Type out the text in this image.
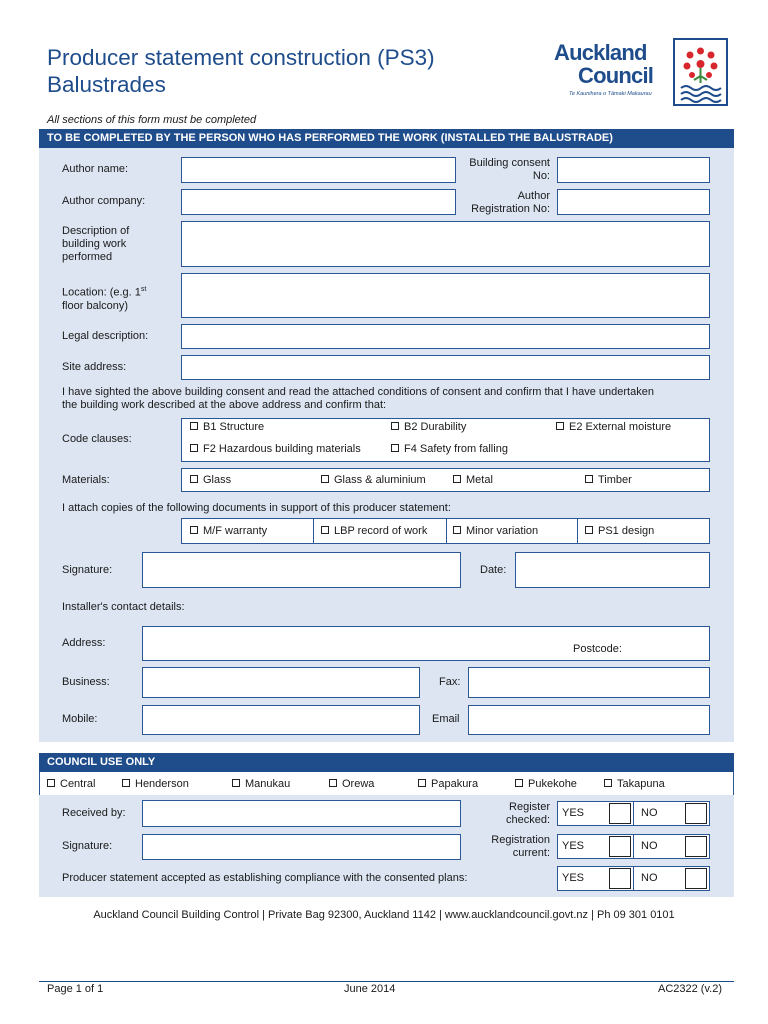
Producer statement construction (PS3)
Balustrades
Auckland
Council
Te Kaunihera o Tāmaki Makaurau
All sections of this form must be completed
TO BE COMPLETED BY THE PERSON WHO HAS PERFORMED THE WORK (INSTALLED THE BALUSTRADE)
Author name:	Building consent
No:
Author company:	Author
Registration No:
Description of
building work
performed
Location: (e.g. 1st
floor balcony)
Legal description:
Site address:
I have sighted the above building consent and read the attached conditions of consent and confirm that I have undertaken
the building work described at the above address and confirm that:
Code clauses:
B1 Structure	B2 Durability	E2 External moisture
F2 Hazardous building materials	F4 Safety from falling
Materials:	Glass	Glass & aluminium	Metal	Timber
I attach copies of the following documents in support of this producer statement:
M/F warranty	LBP record of work	Minor variation	PS1 design
Signature:	Date:
Installer's contact details:
Address:	Postcode:
Business:	Fax:
Mobile:	Email
COUNCIL USE ONLY
Central	Henderson	Manukau	Orewa	Papakura	Pukekohe	Takapuna
Received by:	Register
checked:
YES	NO
Signature:	Registration
current:
YES	NO
Producer statement accepted as establishing compliance with the consented plans:	YES	NO
Auckland Council Building Control | Private Bag 92300, Auckland 1142 | www.aucklandcouncil.govt.nz | Ph 09 301 0101
Page 1 of 1	June 2014	AC2322 (v.2)
